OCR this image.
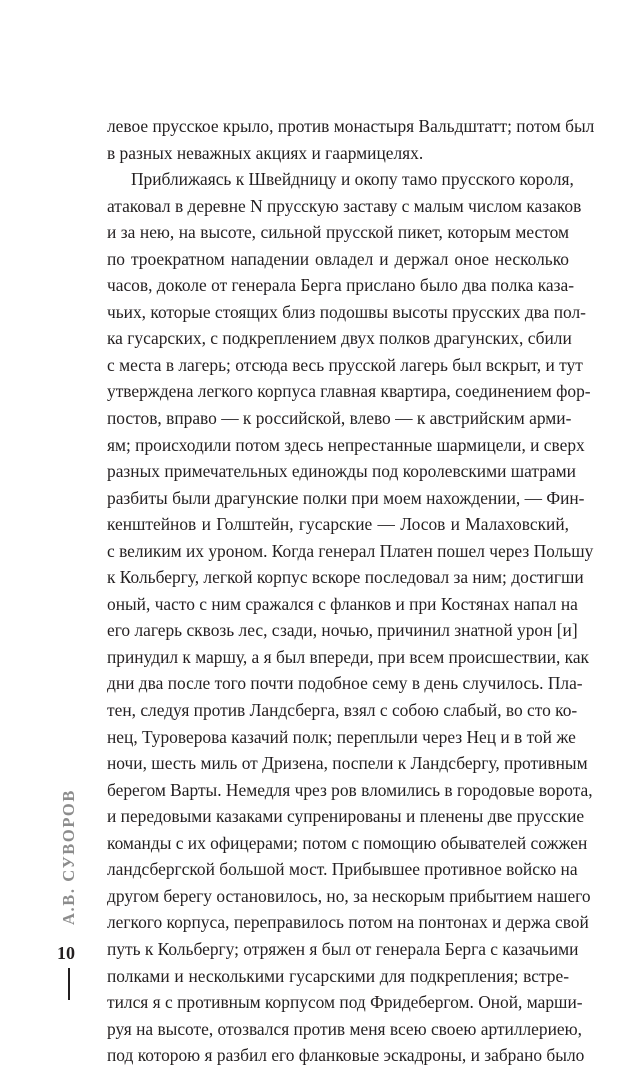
левое прусское крыло, против монастыря Вальдштатт; потом был

в разных неважных акциях и гаармицелях.

Приближаясь к Швейдницу и окопу тамо прусского короля,

атаковал в деревне N прусскую заставу с малым числом казаков

и за нею, на высоте, сильной прусской пикет, которым местом

по троекратном нападении овладел и держал оное несколько

часов, доколе от генерала Берга прислано было два полка каза-

чьих, которые стоящих близ подошвы высоты прусских два пол-

ка гусарских, с подкреплением двух полков драгунских, сбили

с места в лагерь; отсюда весь прусской лагерь был вскрыт, и тут

утверждена легкого корпуса главная квартира, соединением фор-

постов, вправо — к российской, влево — к австрийским арми-

ям; происходили потом здесь непрестанные шармицели, и сверх

разных примечательных единожды под королевскими шатрами

разбиты были драгунские полки при моем нахождении, — Фин-

кенштейнов и Голштейн, гусарские — Лосов и Малаховский,

с великим их уроном. Когда генерал Платен пошел через Польшу

к Кольбергу, легкой корпус вскоре последовал за ним; достигши

оный, часто с ним сражался с фланков и при Костянах напал на

его лагерь сквозь лес, сзади, ночью, причинил знатной урон [и]

принудил к маршу, а я был впереди, при всем происшествии, как

дни два после того почти подобное сему в день случилось. Пла-

тен, следуя против Ландсберга, взял с собою слабый, во сто ко-

нец, Туроверова казачий полк; переплыли через Нец и в той же

ночи, шесть миль от Дризена, поспели к Ландсбергу, противным

берегом Варты. Немедля чрез ров вломились в городовые ворота,

и передовыми казаками супренированы и пленены две прусские

команды с их офицерами; потом с помощию обывателей сожжен

ландсбергской большой мост. Прибывшее противное войско на

другом берегу остановилось, но, за нескорым прибытием нашего

легкого корпуса, переправилось потом на понтонах и держа свой

путь к Кольбергу; отряжен я был от генерала Берга с казачьими

полками и несколькими гусарскими для подкрепления; встре-

тился я с противным корпусом под Фридебергом. Оной, марши-

руя на высоте, отозвался против меня всею своею артиллериею,

под которою я разбил его фланковые эскадроны, и забрано было

А.В. СУВОРОВ
10
